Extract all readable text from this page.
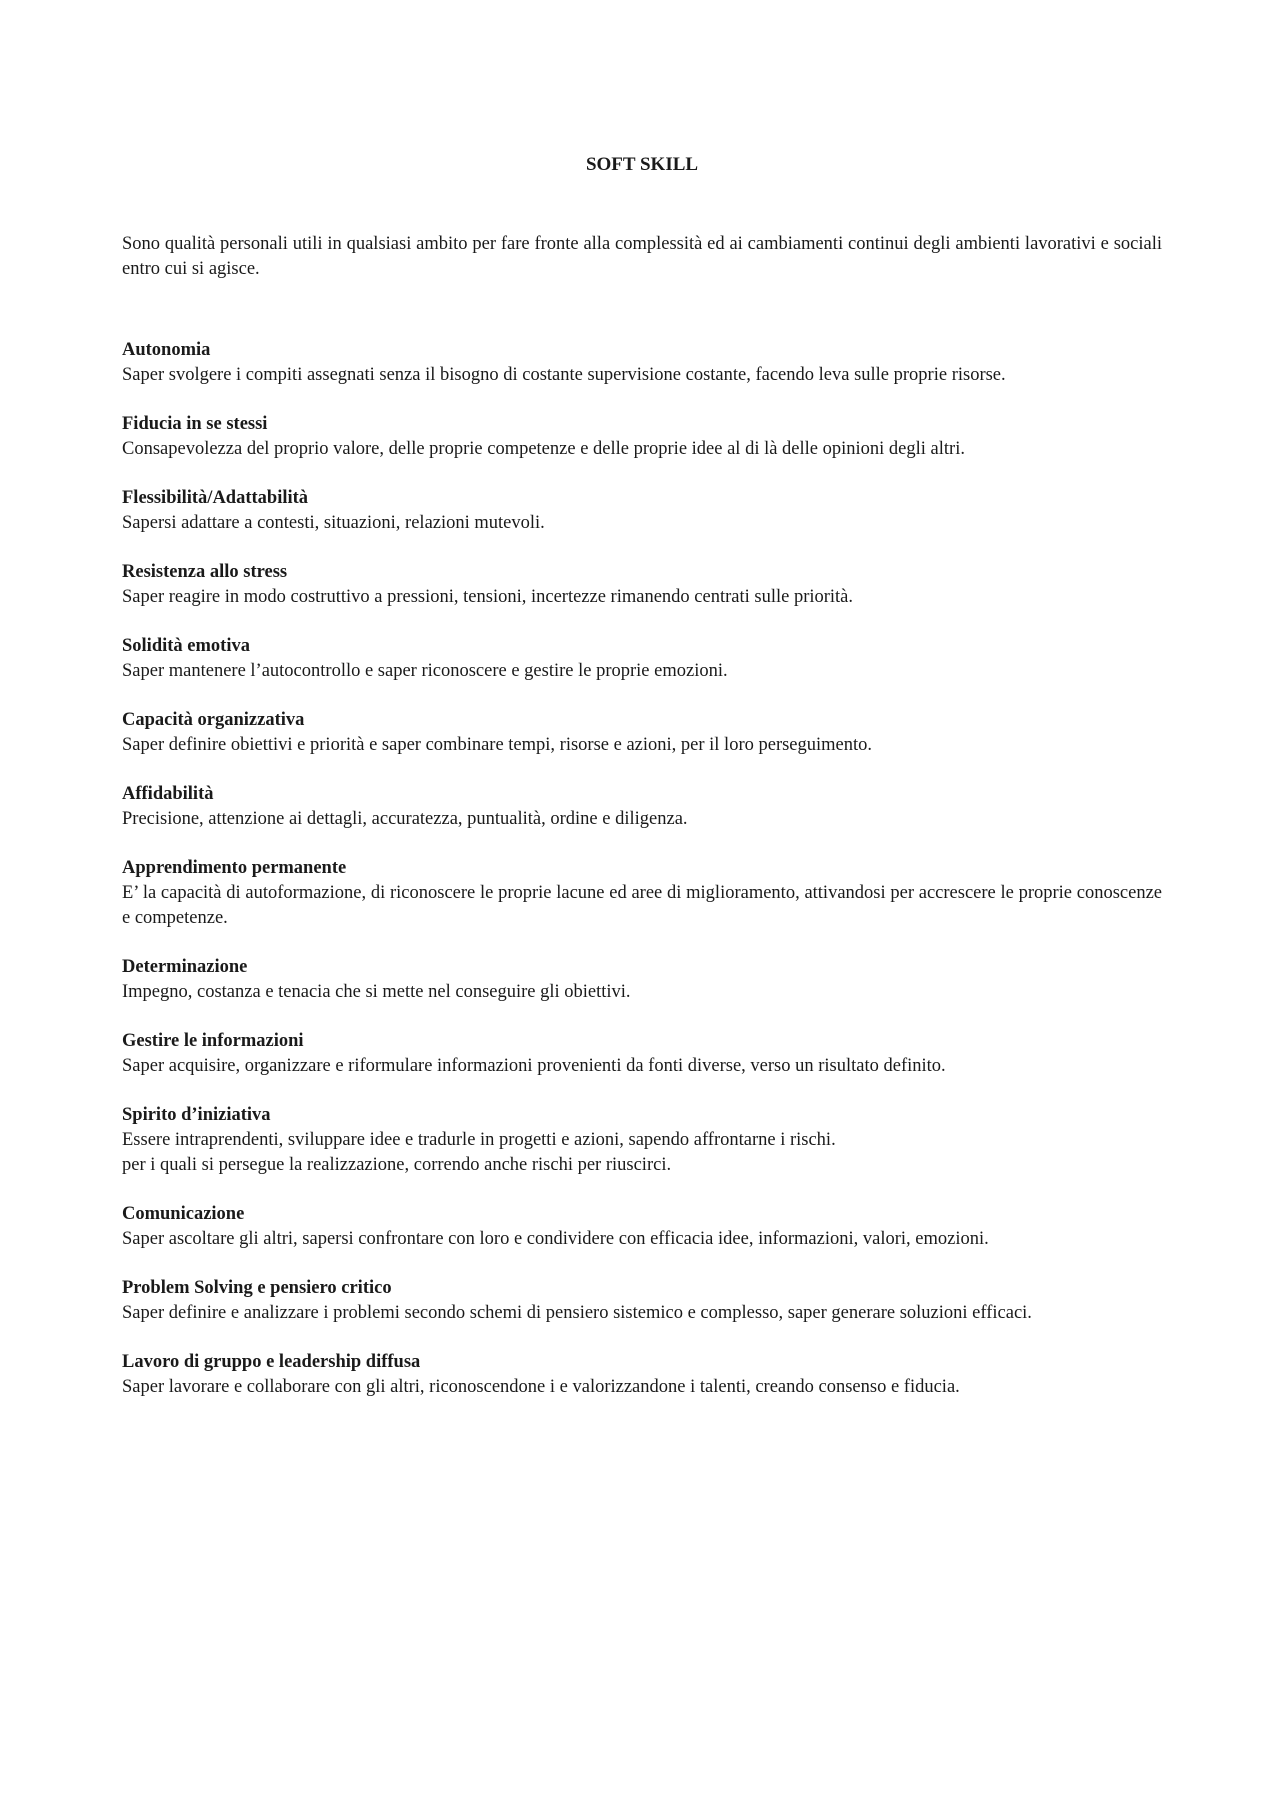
SOFT SKILL

Sono qualità personali utili in qualsiasi ambito per fare fronte alla complessità ed ai cambiamenti continui degli ambienti lavorativi e sociali entro cui si agisce.

Autonomia

Saper svolgere i compiti assegnati senza il bisogno di costante supervisione costante, facendo leva sulle proprie risorse.

Fiducia in se stessi

Consapevolezza del proprio valore, delle proprie competenze e delle proprie idee al di là delle opinioni degli altri.

Flessibilità/Adattabilità

Sapersi adattare a contesti, situazioni, relazioni mutevoli.

Resistenza allo stress

Saper reagire in modo costruttivo a pressioni, tensioni, incertezze rimanendo centrati sulle priorità.

Solidità emotiva

Saper mantenere l’autocontrollo e saper riconoscere e gestire le proprie emozioni.

Capacità organizzativa

Saper definire obiettivi e priorità e saper combinare tempi, risorse e azioni, per il loro perseguimento.

Affidabilità

Precisione, attenzione ai dettagli, accuratezza, puntualità, ordine e diligenza.

Apprendimento permanente

E’ la capacità di autoformazione, di riconoscere le proprie lacune ed aree di miglioramento, attivandosi per accrescere le proprie conoscenze e competenze.

Determinazione

Impegno, costanza e tenacia che si mette nel conseguire gli obiettivi.

Gestire le informazioni

Saper acquisire, organizzare e riformulare informazioni provenienti da fonti diverse, verso un risultato definito.

Spirito d’iniziativa

Essere intraprendenti, sviluppare idee e tradurle in progetti e azioni, sapendo affrontarne i rischi.

per i quali si persegue la realizzazione, correndo anche rischi per riuscirci.

Comunicazione

Saper ascoltare gli altri, sapersi confrontare con loro e condividere con efficacia idee, informazioni, valori, emozioni.

Problem Solving e pensiero critico

Saper definire e analizzare i problemi secondo schemi di pensiero sistemico e complesso, saper generare soluzioni efficaci.

Lavoro di gruppo e leadership diffusa

Saper lavorare e collaborare con gli altri, riconoscendone i e valorizzandone i talenti, creando consenso e fiducia.
